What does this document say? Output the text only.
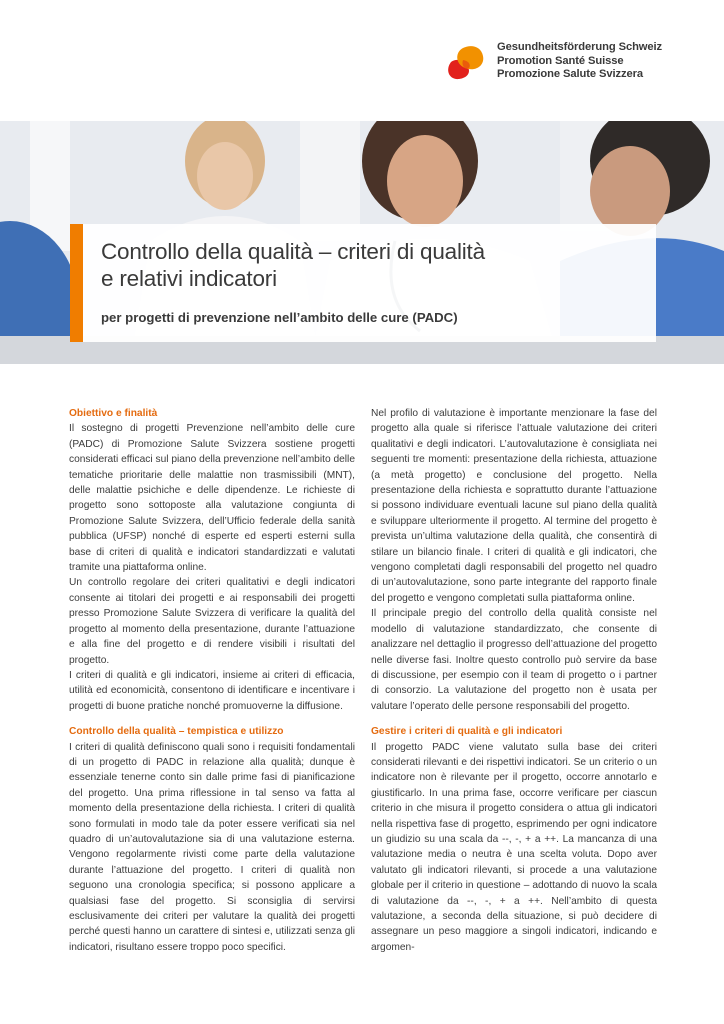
Gesundheitsförderung Schweiz
Promotion Santé Suisse
Promozione Salute Svizzera
Controllo della qualità – criteri di qualità
e relativi indicatori
per progetti di prevenzione nell’ambito delle cure (PADC)
Obiettivo e finalità

Il sostegno di progetti Prevenzione nell’ambito delle cure (PADC) di Promozione Salute Svizzera sostiene progetti considerati efficaci sul piano della prevenzione nell’ambito delle tematiche prioritarie delle malattie non trasmissibili (MNT), delle malattie psichiche e delle dipendenze. Le richieste di progetto sono sottoposte alla valutazione congiunta di Promozione Salute Svizzera, dell’Ufficio federale della sanità pubblica (UFSP) nonché di esperte ed esperti esterni sulla base di criteri di qualità e indicatori standardizzati e valutati tramite una piattaforma online.

Un controllo regolare dei criteri qualitativi e degli indicatori consente ai titolari dei progetti e ai responsabili dei progetti presso Promozione Salute Svizzera di verificare la qualità del progetto al momento della presentazione, durante l’attuazione e alla fine del progetto e di rendere visibili i risultati del progetto.

I criteri di qualità e gli indicatori, insieme ai criteri di efficacia, utilità ed economicità, consentono di identificare e incentivare i progetti di buone pratiche nonché promuoverne la diffusione.

Controllo della qualità – tempistica e utilizzo

I criteri di qualità definiscono quali sono i requisiti fondamentali di un progetto di PADC in relazione alla qualità; dunque è essenziale tenerne conto sin dalle prime fasi di pianificazione del progetto. Una prima riflessione in tal senso va fatta al momento della presentazione della richiesta. I criteri di qualità sono formulati in modo tale da poter essere verificati sia nel quadro di un’autovalutazione sia di una valutazione esterna. Vengono regolarmente rivisti come parte della valutazione durante l’attuazione del progetto. I criteri di qualità non seguono una cronologia specifica; si possono applicare a qualsiasi fase del progetto. Si sconsiglia di servirsi esclusivamente dei criteri per valutare la qualità dei progetti perché questi hanno un carattere di sintesi e, utilizzati senza gli indicatori, risultano essere troppo poco specifici.

Nel profilo di valutazione è importante menzionare la fase del progetto alla quale si riferisce l’attuale valutazione dei criteri qualitativi e degli indicatori. L’autovalutazione è consigliata nei seguenti tre momenti: presentazione della richiesta, attuazione (a metà progetto) e conclusione del progetto. Nella presentazione della richiesta e soprattutto durante l’attuazione si possono individuare eventuali lacune sul piano della qualità e sviluppare ulteriormente il progetto. Al termine del progetto è prevista un’ultima valutazione della qualità, che consentirà di stilare un bilancio finale. I criteri di qualità e gli indicatori, che vengono completati dagli responsabili del progetto nel quadro di un’autovalutazione, sono parte integrante del rapporto finale del progetto e vengono completati sulla piattaforma online.

Il principale pregio del controllo della qualità consiste nel modello di valutazione standardizzato, che consente di analizzare nel dettaglio il progresso dell’attuazione del progetto nelle diverse fasi. Inoltre questo controllo può servire da base di discussione, per esempio con il team di progetto o i partner di consorzio. La valutazione del progetto non è usata per valutare l’operato delle persone responsabili del progetto.

Gestire i criteri di qualità e gli indicatori

Il progetto PADC viene valutato sulla base dei criteri considerati rilevanti e dei rispettivi indicatori. Se un criterio o un indicatore non è rilevante per il progetto, occorre annotarlo e giustificarlo. In una prima fase, occorre verificare per ciascun criterio in che misura il progetto considera o attua gli indicatori nella rispettiva fase di progetto, esprimendo per ogni indicatore un giudizio su una scala da --, -, + a ++. La mancanza di una valutazione media o neutra è una scelta voluta. Dopo aver valutato gli indicatori rilevanti, si procede a una valutazione globale per il criterio in questione – adottando di nuovo la scala di valutazione da --, -, + a ++. Nell’ambito di questa valutazione, a seconda della situazione, si può decidere di assegnare un peso maggiore a singoli indicatori, indicando e argomen-
